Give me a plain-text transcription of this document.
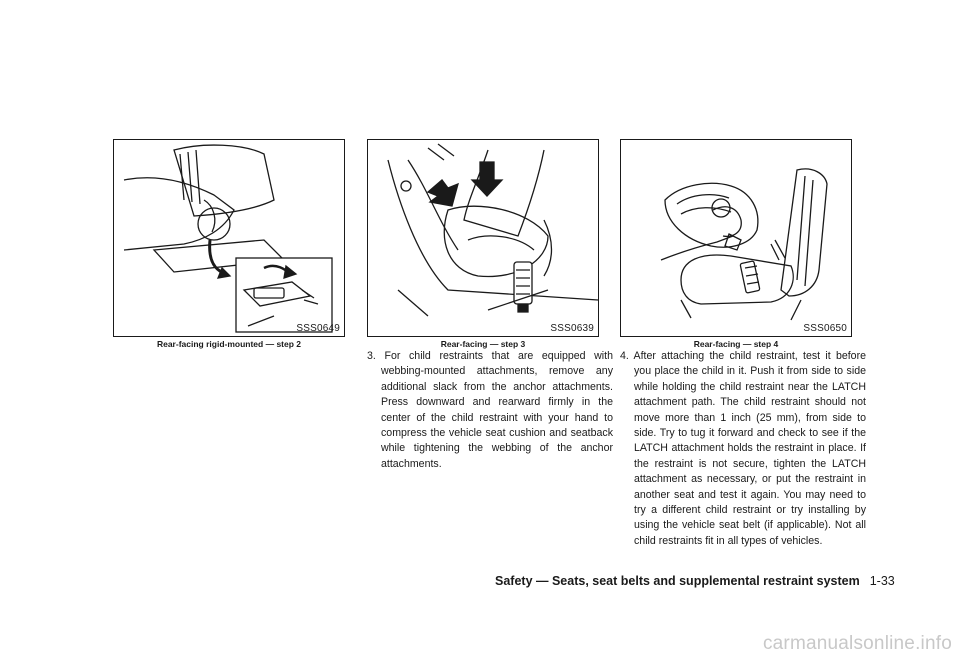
SSS0649
Rear-facing rigid-mounted — step 2
SSS0639
Rear-facing — step 3
SSS0650
Rear-facing — step 4

3. For child restraints that are equipped with webbing-mounted attachments, remove any additional slack from the anchor attachments. Press downward and rearward firmly in the center of the child restraint with your hand to compress the vehicle seat cushion and seatback while tightening the webbing of the anchor attachments.

4. After attaching the child restraint, test it before you place the child in it. Push it from side to side while holding the child restraint near the LATCH attachment path. The child restraint should not move more than 1 inch (25 mm), from side to side. Try to tug it forward and check to see if the LATCH attachment holds the restraint in place. If the restraint is not secure, tighten the LATCH attachment as necessary, or put the restraint in another seat and test it again. You may need to try a different child restraint or try installing by using the vehicle seat belt (if applicable). Not all child restraints fit in all types of vehicles.

Safety — Seats, seat belts and supplemental restraint system 1-33
carmanualsonline.info
